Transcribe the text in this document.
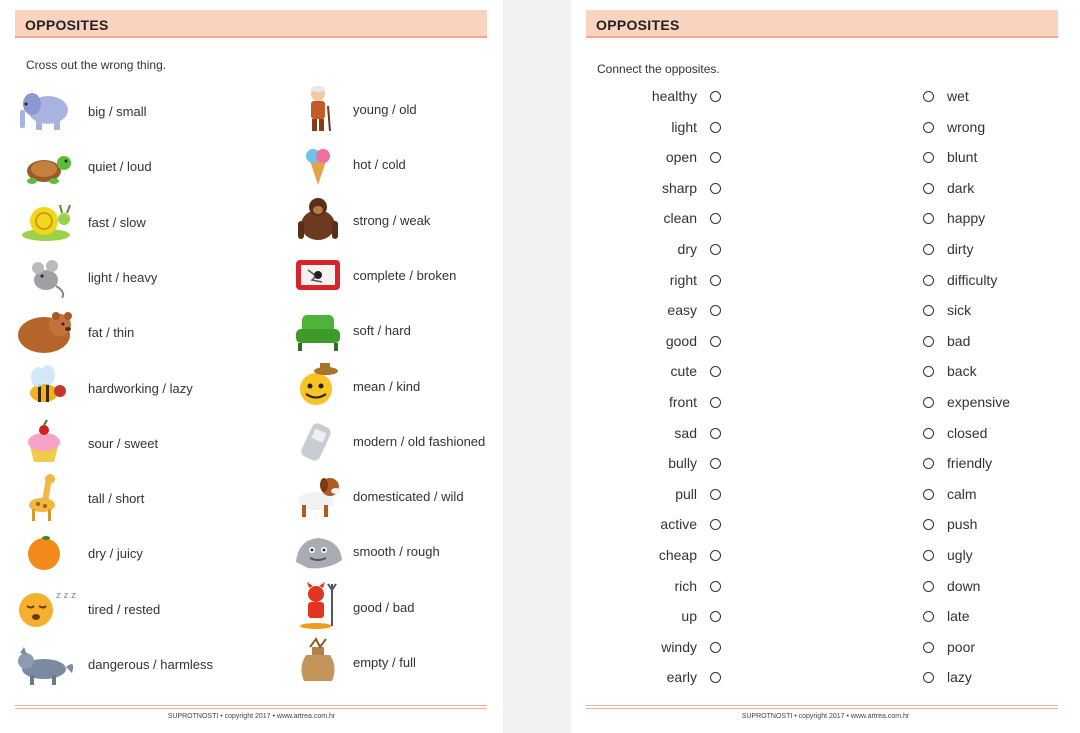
OPPOSITES
Cross out the wrong thing.
big / small
quiet / loud
fast / slow
light / heavy
fat / thin
hardworking / lazy
sour / sweet
tall / short
dry / juicy
z z z
tired / rested
dangerous / harmless
young / old
hot / cold
strong / weak
complete / broken
soft / hard
mean / kind
modern / old fashioned
domesticated / wild
smooth / rough
good / bad
empty / full
SUPROTNOSTI • copyright 2017 • www.artrea.com.hr
OPPOSITES
Connect the opposites.
healthy
light
open
sharp
clean
dry
right
easy
good
cute
front
sad
bully
pull
active
cheap
rich
up
windy
early
wet
wrong
blunt
dark
happy
dirty
difficulty
sick
bad
back
expensive
closed
friendly
calm
push
ugly
down
late
poor
lazy
SUPROTNOSTI • copyright 2017 • www.artrea.com.hr
